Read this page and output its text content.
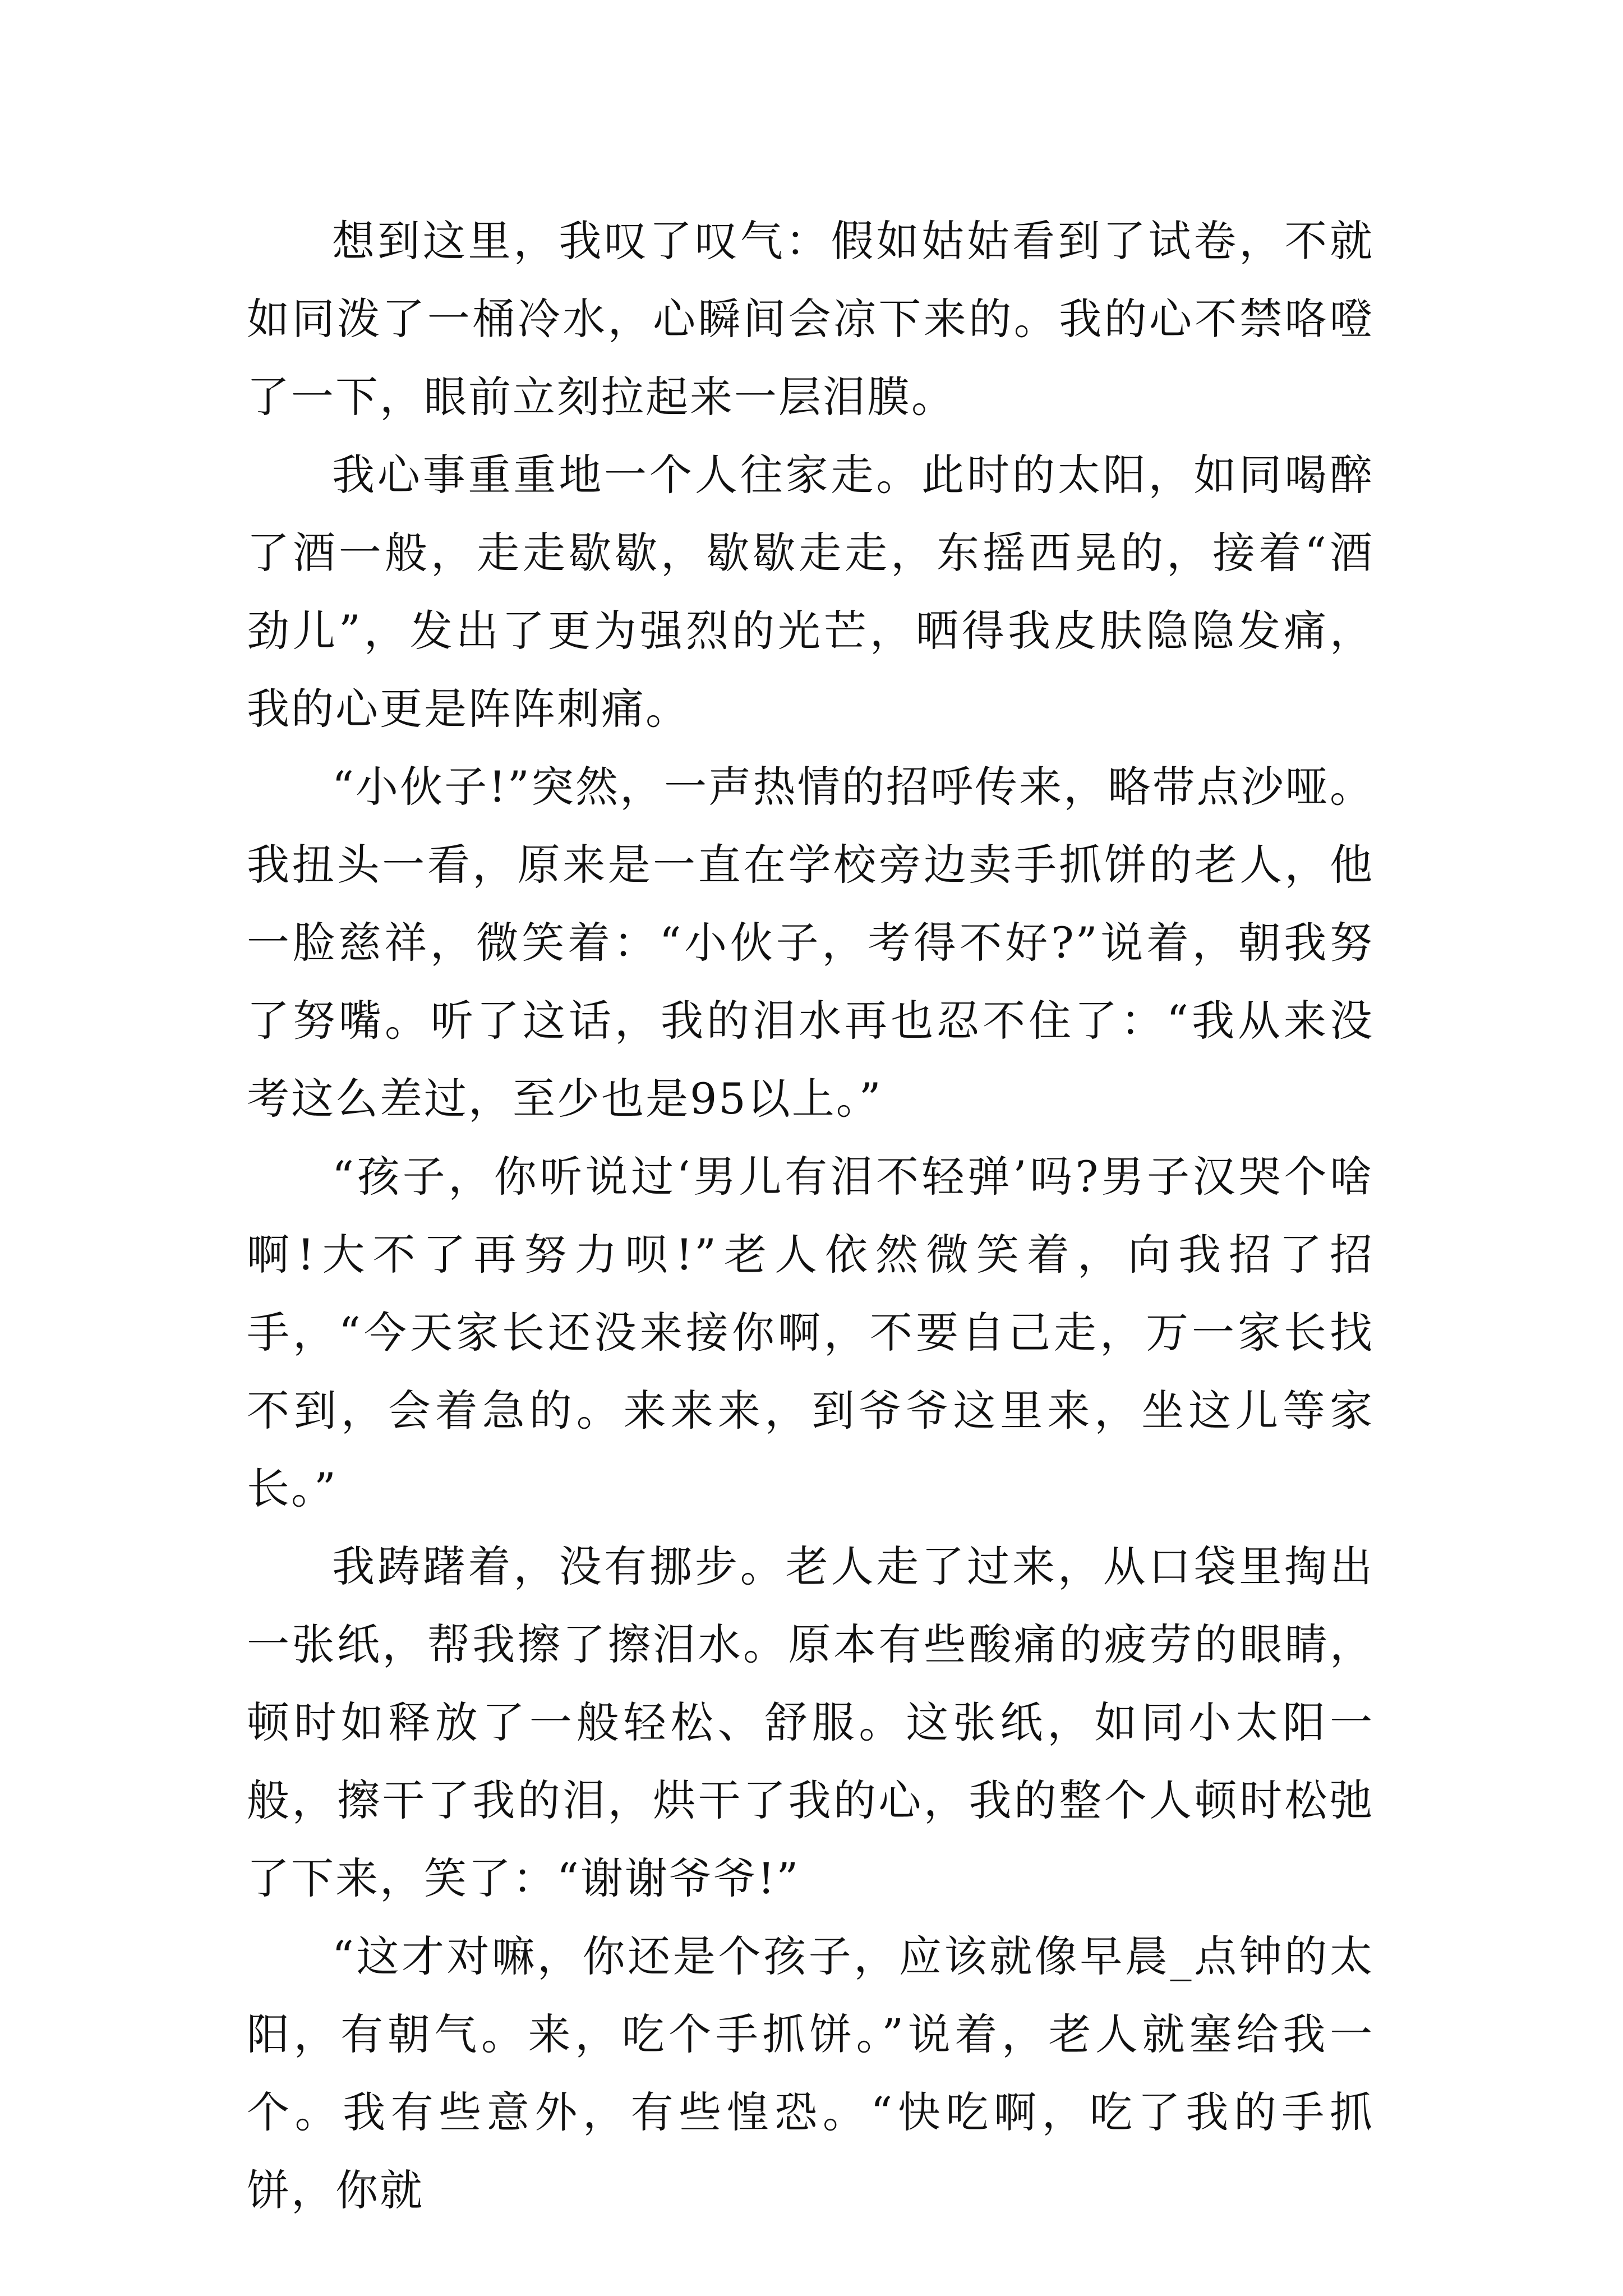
想到这里，我叹了叹气：假如姑姑看到了试卷，不就如同泼了一桶冷水，心瞬间会凉下来的。我的心不禁咯噔了一下，眼前立刻拉起来一层泪膜。

我心事重重地一个人往家走。此时的太阳，如同喝醉了酒一般，走走歇歇，歇歇走走，东摇西晃的，接着“酒劲儿”，发出了更为强烈的光芒，晒得我皮肤隐隐发痛，我的心更是阵阵刺痛。

“小伙子!”突然，一声热情的招呼传来，略带点沙哑。我扭头一看，原来是一直在学校旁边卖手抓饼的老人，他一脸慈祥，微笑着：“小伙子，考得不好?”说着，朝我努了努嘴。听了这话，我的泪水再也忍不住了：“我从来没考这么差过，至少也是95以上。”

“孩子，你听说过‘男儿有泪不轻弹’吗?男子汉哭个啥啊!大不了再努力呗!”老人依然微笑着，向我招了招手，“今天家长还没来接你啊，不要自己走，万一家长找不到，会着急的。来来来，到爷爷这里来，坐这儿等家长。”

我踌躇着，没有挪步。老人走了过来，从口袋里掏出一张纸，帮我擦了擦泪水。原本有些酸痛的疲劳的眼睛，顿时如释放了一般轻松、舒服。这张纸，如同小太阳一般，擦干了我的泪，烘干了我的心，我的整个人顿时松弛了下来，笑了：“谢谢爷爷!”

“这才对嘛，你还是个孩子，应该就像早晨_点钟的太阳，有朝气。来，吃个手抓饼。”说着，老人就塞给我一个。我有些意外，有些惶恐。“快吃啊，吃了我的手抓饼，你就
